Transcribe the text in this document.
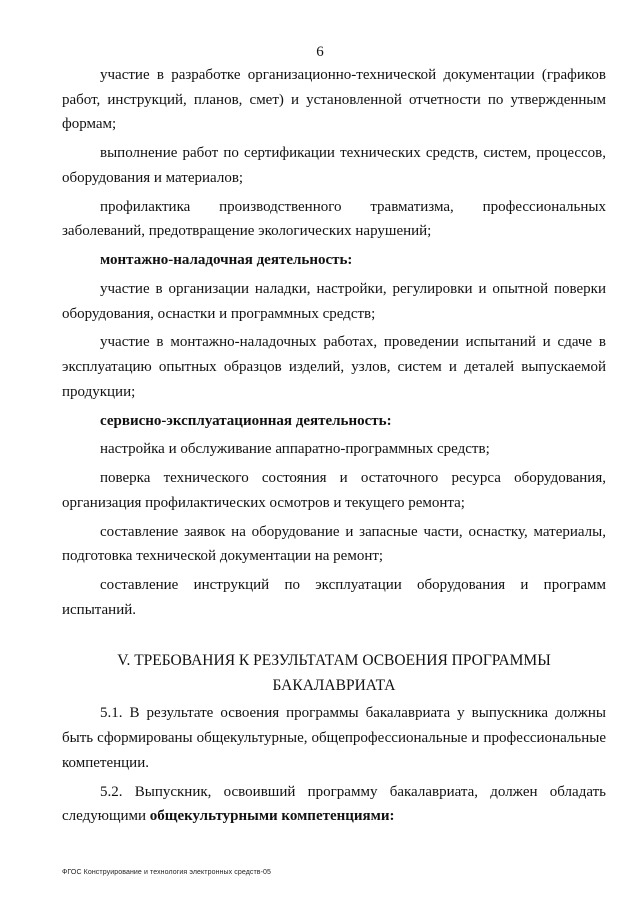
6

участие в разработке организационно-технической документации (графиков работ, инструкций, планов, смет) и установленной отчетности по утвержденным формам;

выполнение работ по сертификации технических средств, систем, процессов, оборудования и материалов;

профилактика производственного травматизма, профессиональных заболеваний, предотвращение экологических нарушений;

монтажно-наладочная деятельность:

участие в организации наладки, настройки, регулировки и опытной поверки оборудования, оснастки и программных средств;

участие в монтажно-наладочных работах, проведении испытаний и сдаче в эксплуатацию опытных образцов изделий, узлов, систем и деталей выпускаемой продукции;

сервисно-эксплуатационная деятельность:

настройка и обслуживание аппаратно-программных средств;

поверка технического состояния и остаточного ресурса оборудования, организация профилактических осмотров и текущего ремонта;

составление заявок на оборудование и запасные части, оснастку, материалы, подготовка технической документации на ремонт;

составление инструкций по эксплуатации оборудования и программ испытаний.

V. ТРЕБОВАНИЯ К РЕЗУЛЬТАТАМ ОСВОЕНИЯ ПРОГРАММЫ
БАКАЛАВРИАТА

5.1. В результате освоения программы бакалавриата у выпускника должны быть сформированы общекультурные, общепрофессиональные и профессиональные компетенции.

5.2. Выпускник, освоивший программу бакалавриата, должен обладать следующими общекультурными компетенциями:

ФГОС Конструирование и технология электронных средств-05
